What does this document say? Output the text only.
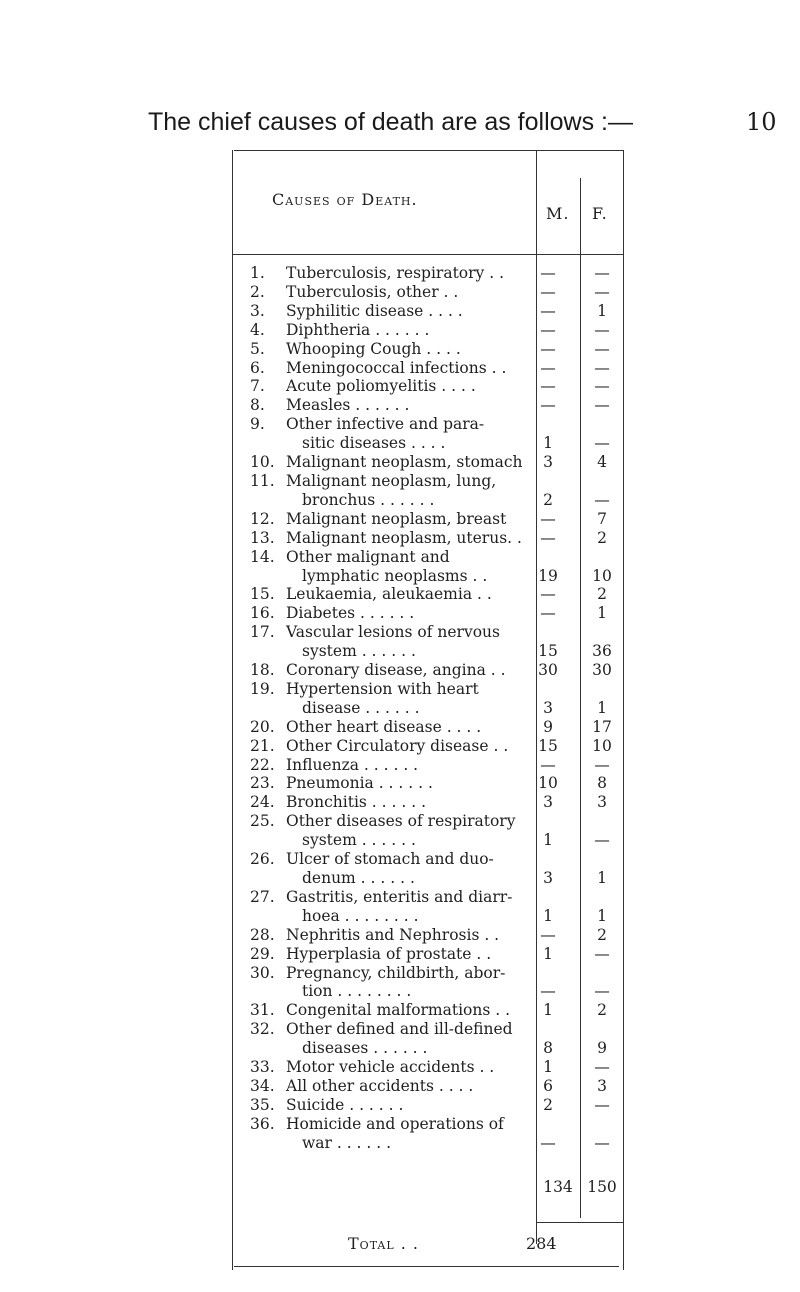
The chief causes of death are as follows :—	10
Causes of Death.
M. F.
1. Tuberculosis, respiratory . .	—	—
2. Tuberculosis, other . .	—	—
3. Syphilitic disease . . . .	—	1
4. Diphtheria . . . . . .	—	—
5. Whooping Cough . . . .	—	—
6. Meningococcal infections . .	—	—
7. Acute poliomyelitis . . . .	—	—
8. Measles . . . . . .	—	—
9. Other infective and para-
sitic diseases . . . .	1	—
10. Malignant neoplasm, stomach	3	4
11. Malignant neoplasm, lung,
bronchus . . . . . .	2	—
12. Malignant neoplasm, breast	—	7
13. Malignant neoplasm, uterus. .	—	2
14. Other malignant and
lymphatic neoplasms . .	19	10
15. Leukaemia, aleukaemia . .	—	2
16. Diabetes . . . . . .	—	1
17. Vascular lesions of nervous
system . . . . . .	15	36
18. Coronary disease, angina . .	30	30
19. Hypertension with heart
disease . . . . . .	3	1
20. Other heart disease . . . .	9	17
21. Other Circulatory disease . .	15	10
22. Influenza . . . . . .	—	—
23. Pneumonia . . . . . .	10	8
24. Bronchitis . . . . . .	3	3
25. Other diseases of respiratory
system . . . . . .	1	—
26. Ulcer of stomach and duo-
denum . . . . . .	3	1
27. Gastritis, enteritis and diarr-
hoea . . . . . . . .	1	1
28. Nephritis and Nephrosis . .	—	2
29. Hyperplasia of prostate . .	1	—
30. Pregnancy, childbirth, abor-
tion . . . . . . . .	—	—
31. Congenital malformations . .	1	2
32. Other defined and ill-defined
diseases . . . . . .	8	9
33. Motor vehicle accidents . .	1	—
34. All other accidents . . . .	6	3
35. Suicide . . . . . .	2	—
36. Homicide and operations of
war . . . . . .	—	—
134 150
Total . .	284
